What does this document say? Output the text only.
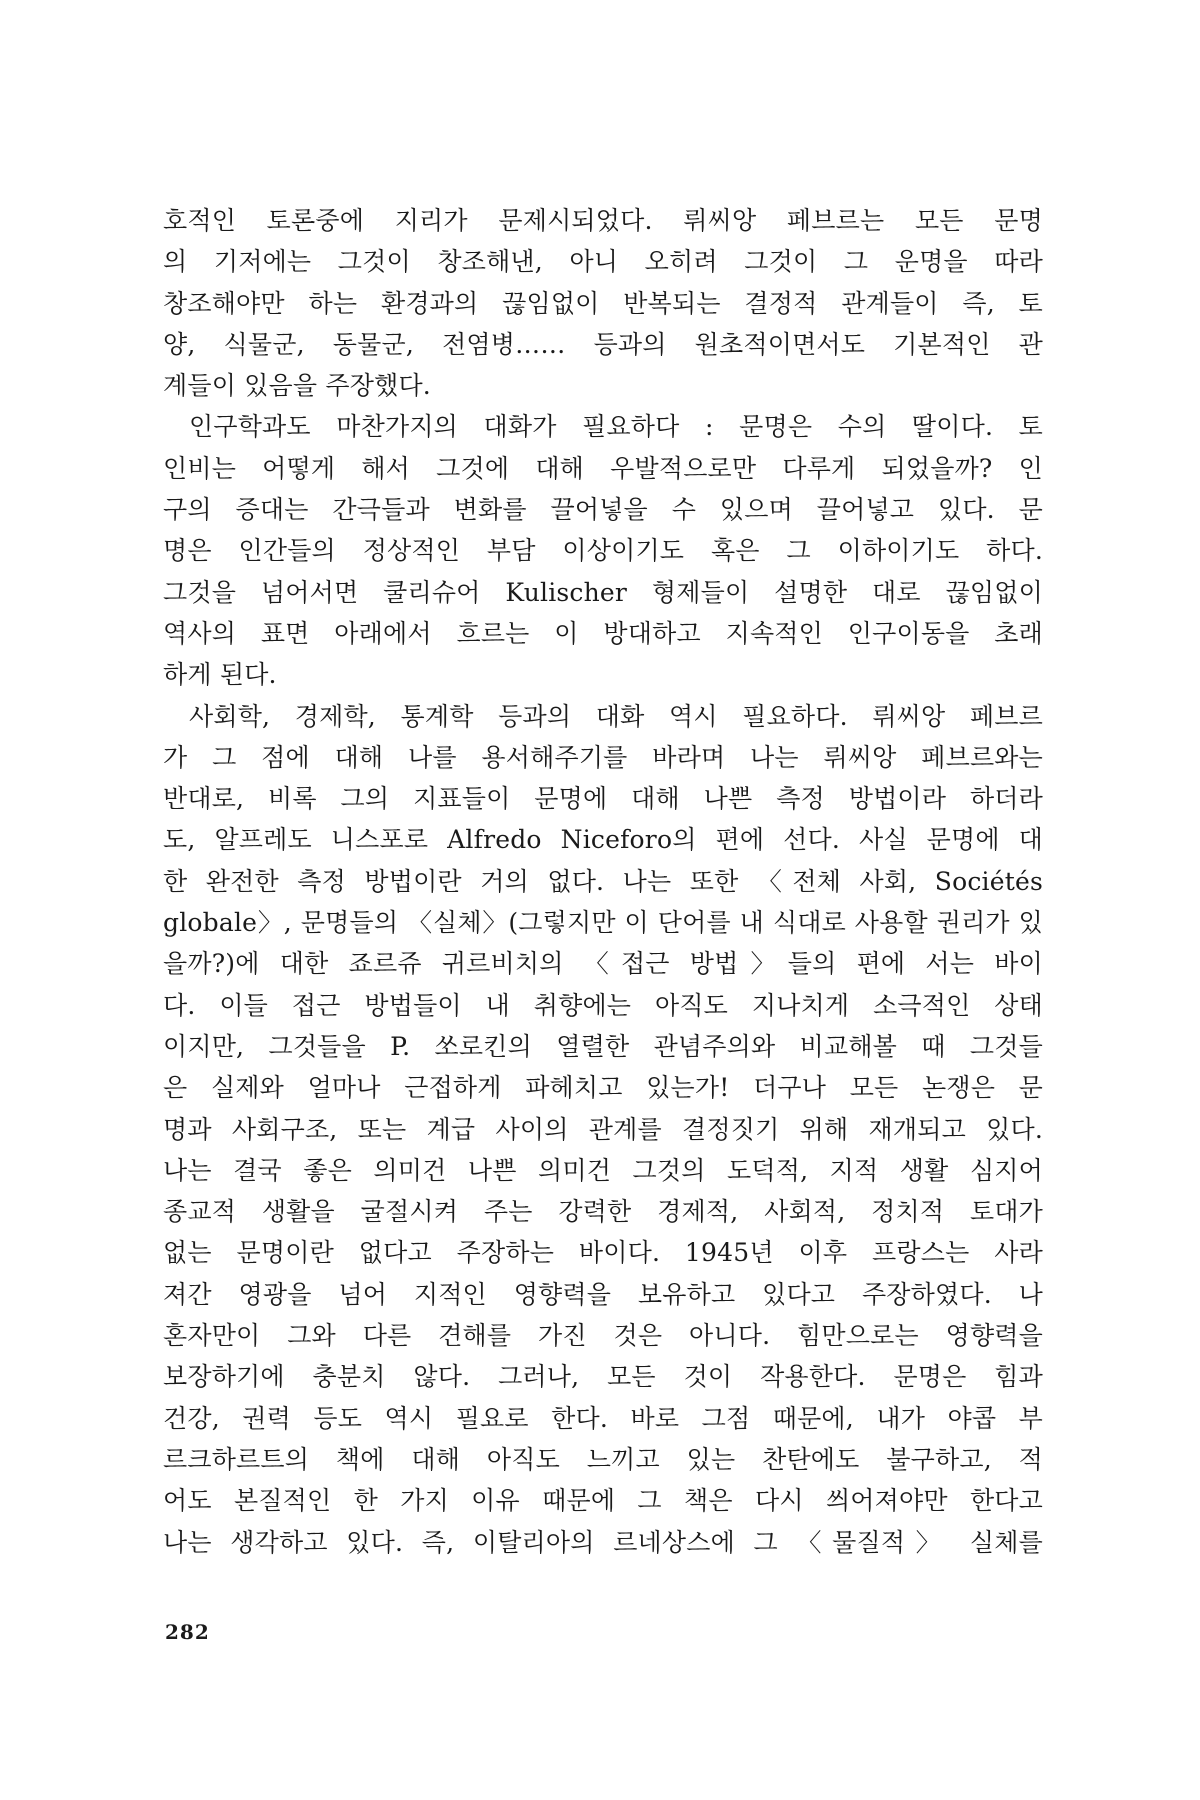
호적인 토론중에 지리가 문제시되었다. 뤼씨앙 페브르는 모든 문명
의 기저에는 그것이 창조해낸, 아니 오히려 그것이 그 운명을 따라
창조해야만 하는 환경과의 끊임없이 반복되는 결정적 관계들이 즉, 토
양, 식물군, 동물군, 전염병…… 등과의 원초적이면서도 기본적인 관
계들이 있음을 주장했다.
인구학과도 마찬가지의 대화가 필요하다 : 문명은 수의 딸이다. 토
인비는 어떻게 해서 그것에 대해 우발적으로만 다루게 되었을까? 인
구의 증대는 간극들과 변화를 끌어넣을 수 있으며 끌어넣고 있다. 문
명은 인간들의 정상적인 부담 이상이기도 혹은 그 이하이기도 하다.
그것을 넘어서면 쿨리슈어 Kulischer 형제들이 설명한 대로 끊임없이
역사의 표면 아래에서 흐르는 이 방대하고 지속적인 인구이동을 초래
하게 된다.
사회학, 경제학, 통계학 등과의 대화 역시 필요하다. 뤼씨앙 페브르
가 그 점에 대해 나를 용서해주기를 바라며 나는 뤼씨앙 페브르와는
반대로, 비록 그의 지표들이 문명에 대해 나쁜 측정 방법이라 하더라
도, 알프레도 니스포로 Alfredo Niceforo의 편에 선다. 사실 문명에 대
한 완전한 측정 방법이란 거의 없다. 나는 또한 〈전체 사회, Sociétés
globale〉, 문명들의 〈실체〉(그렇지만 이 단어를 내 식대로 사용할 권리가 있
을까?)에 대한 죠르쥬 귀르비치의 〈접근 방법〉들의 편에 서는 바이
다. 이들 접근 방법들이 내 취향에는 아직도 지나치게 소극적인 상태
이지만, 그것들을 P. 쏘로킨의 열렬한 관념주의와 비교해볼 때 그것들
은 실제와 얼마나 근접하게 파헤치고 있는가! 더구나 모든 논쟁은 문
명과 사회구조, 또는 계급 사이의 관계를 결정짓기 위해 재개되고 있다.
나는 결국 좋은 의미건 나쁜 의미건 그것의 도덕적, 지적 생활 심지어
종교적 생활을 굴절시켜 주는 강력한 경제적, 사회적, 정치적 토대가
없는 문명이란 없다고 주장하는 바이다. 1945년 이후 프랑스는 사라
져간 영광을 넘어 지적인 영향력을 보유하고 있다고 주장하였다. 나
혼자만이 그와 다른 견해를 가진 것은 아니다. 힘만으로는 영향력을
보장하기에 충분치 않다. 그러나, 모든 것이 작용한다. 문명은 힘과
건강, 권력 등도 역시 필요로 한다. 바로 그점 때문에, 내가 야콥 부
르크하르트의 책에 대해 아직도 느끼고 있는 찬탄에도 불구하고, 적
어도 본질적인 한 가지 이유 때문에 그 책은 다시 씌어져야만 한다고
나는 생각하고 있다. 즉, 이탈리아의 르네상스에 그 〈물질적〉 실체를
282
